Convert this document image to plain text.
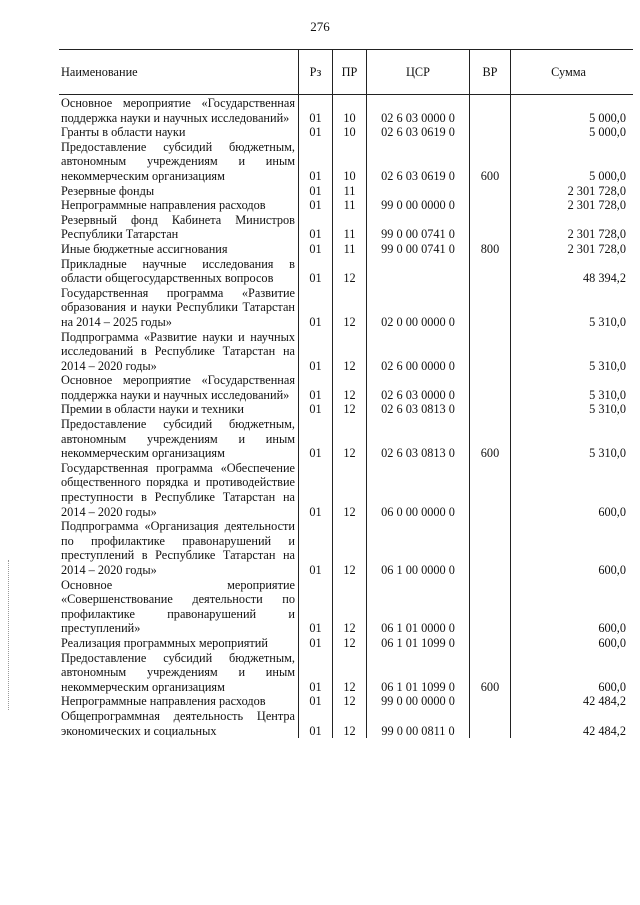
276
Наименование	Рз	ПР	ЦСР	ВР	Сумма
Основное мероприятие «Государственная поддержка науки и научных исследований»	01	10	02 6 03 0000 0		5 000,0
Гранты в области науки	01	10	02 6 03 0619 0		5 000,0
Предоставление субсидий бюджетным, автономным учреждениям и иным некоммерческим организациям	01	10	02 6 03 0619 0	600	5 000,0
Резервные фонды	01	11			2 301 728,0
Непрограммные направления расходов	01	11	99 0 00 0000 0		2 301 728,0
Резервный фонд Кабинета Министров Республики Татарстан	01	11	99 0 00 0741 0		2 301 728,0
Иные бюджетные ассигнования	01	11	99 0 00 0741 0	800	2 301 728,0
Прикладные научные исследования в области общегосударственных вопросов	01	12			48 394,2
Государственная программа «Развитие образования и науки Республики Татарстан на 2014 – 2025 годы»	01	12	02 0 00 0000 0		5 310,0
Подпрограмма «Развитие науки и научных исследований в Республике Татарстан на 2014 – 2020 годы»	01	12	02 6 00 0000 0		5 310,0
Основное мероприятие «Государственная поддержка науки и научных исследований»	01	12	02 6 03 0000 0		5 310,0
Премии в области науки и техники	01	12	02 6 03 0813 0		5 310,0
Предоставление субсидий бюджетным, автономным учреждениям и иным некоммерческим организациям	01	12	02 6 03 0813 0	600	5 310,0
Государственная программа «Обеспечение общественного порядка и противодействие преступности в Республике Татарстан на 2014 – 2020 годы»	01	12	06 0 00 0000 0		600,0
Подпрограмма «Организация деятельности по профилактике правонарушений и преступлений в Республике Татарстан на 2014 – 2020 годы»	01	12	06 1 00 0000 0		600,0
Основное мероприятие «Совершенствование деятельности по профилактике правонарушений и преступлений»	01	12	06 1 01 0000 0		600,0
Реализация программных мероприятий	01	12	06 1 01 1099 0		600,0
Предоставление субсидий бюджетным, автономным учреждениям и иным некоммерческим организациям	01	12	06 1 01 1099 0	600	600,0
Непрограммные направления расходов	01	12	99 0 00 0000 0		42 484,2
Общепрограммная деятельность Центра экономических и социальных	01	12	99 0 00 0811 0		42 484,2
